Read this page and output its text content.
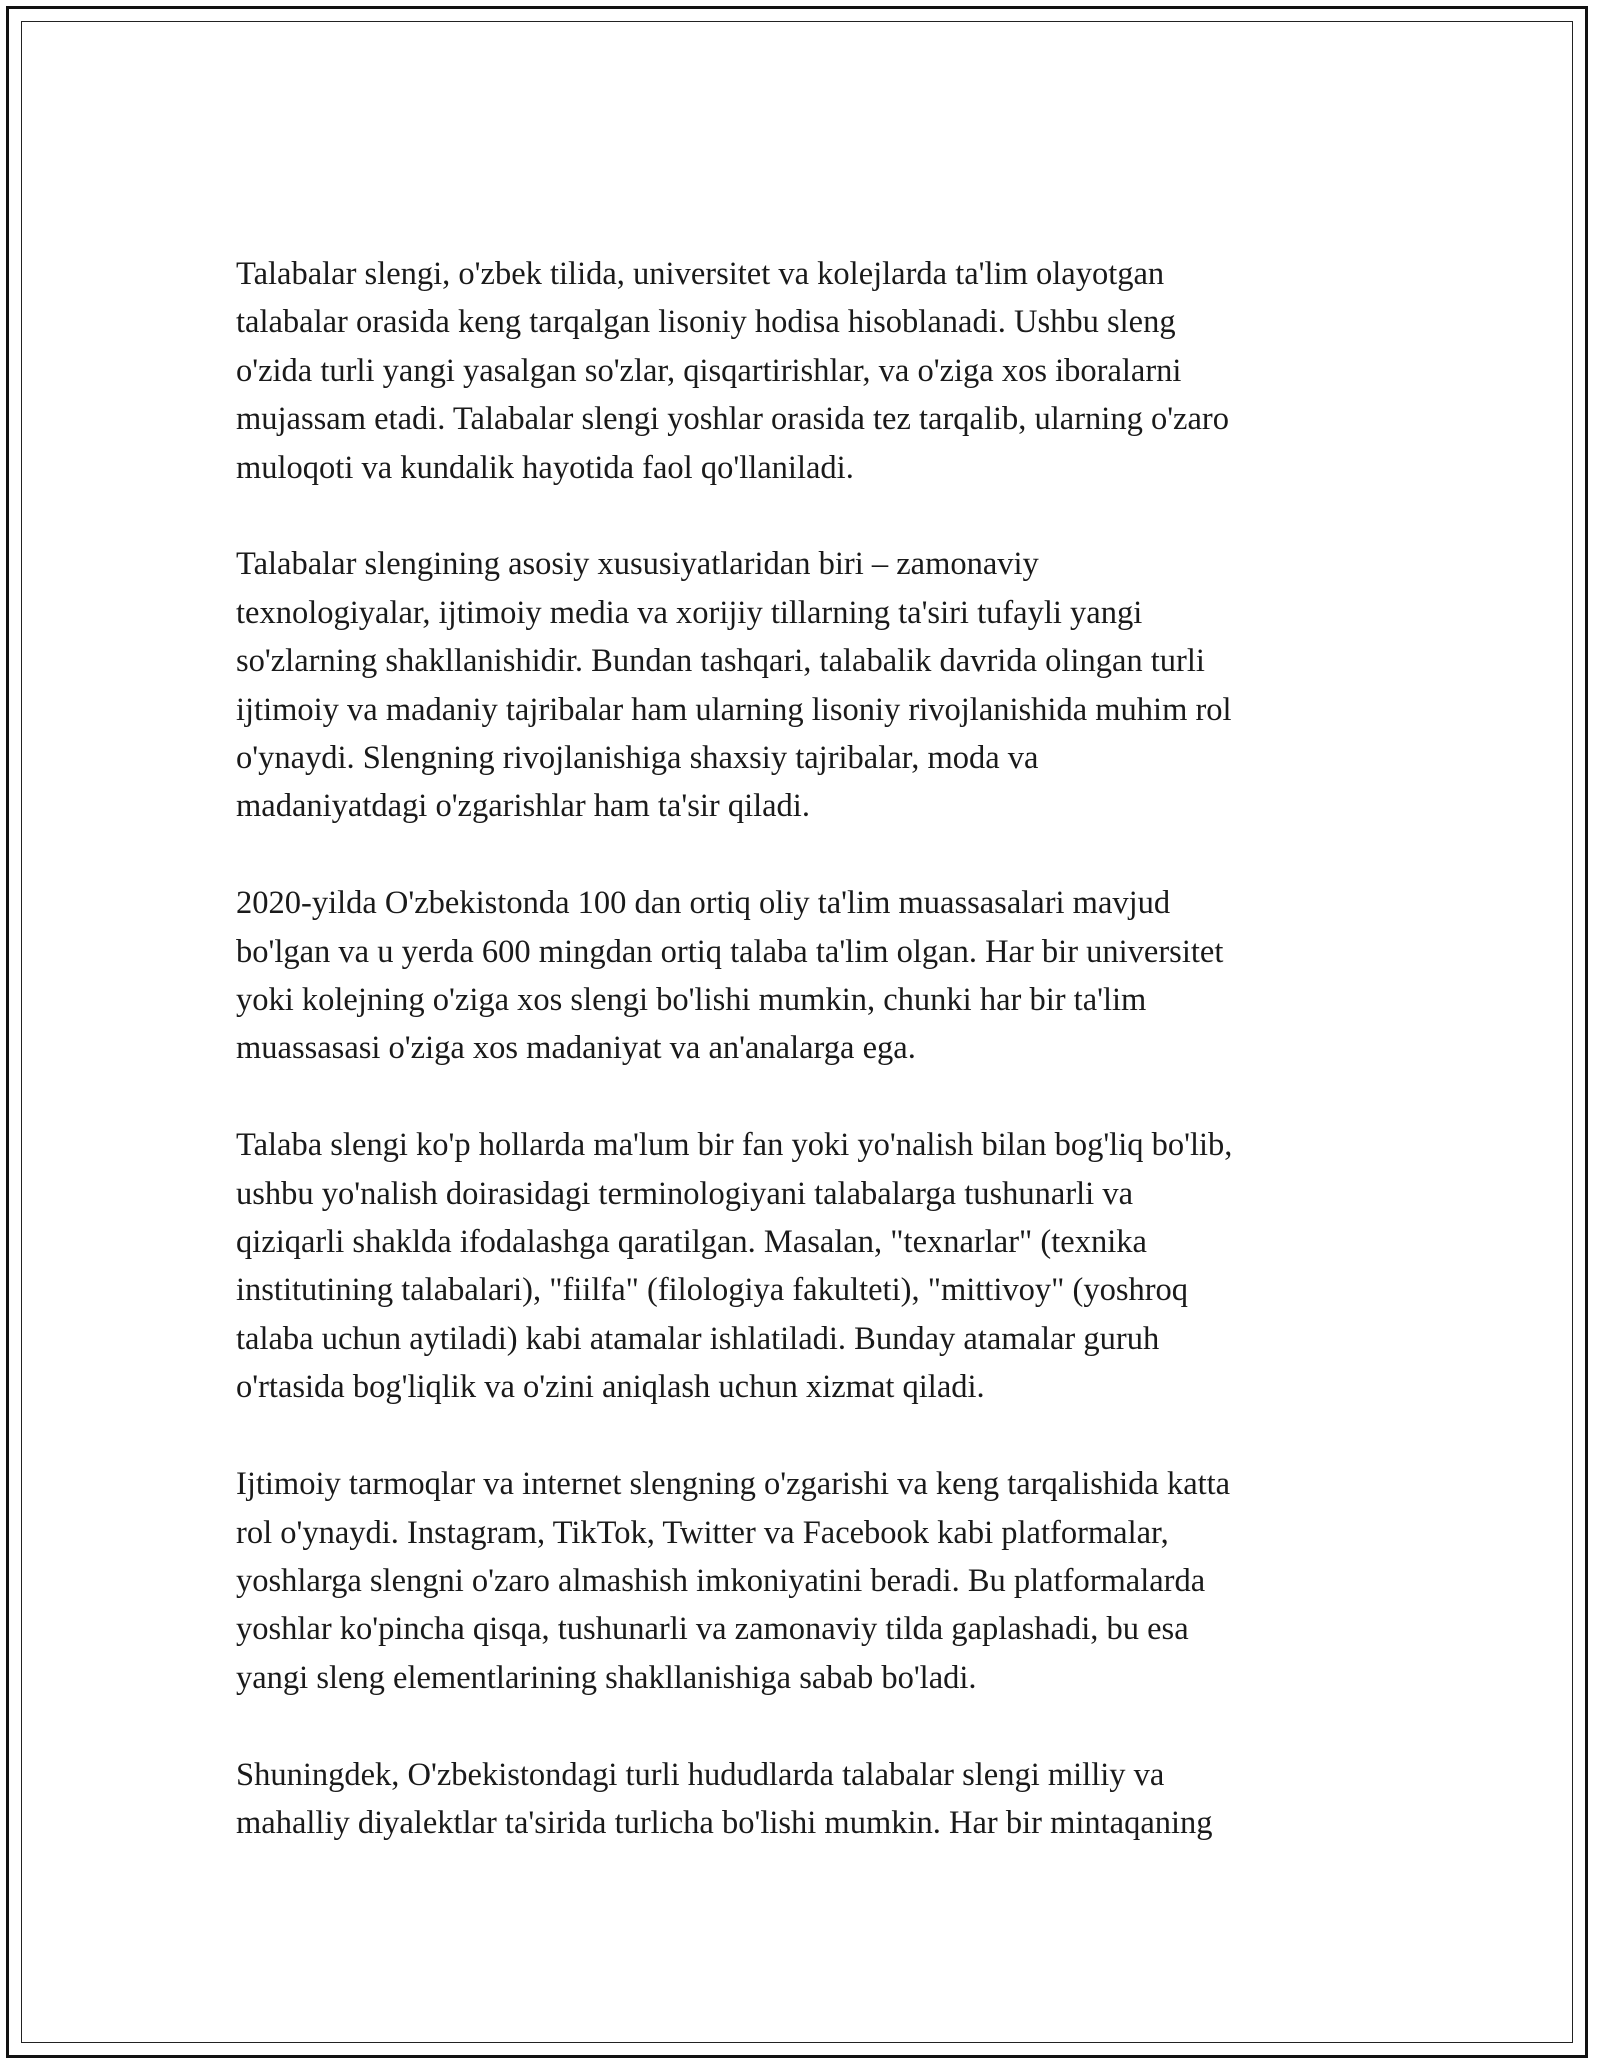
Talabalar slengi, o'zbek tilida, universitet va kolejlarda ta'lim olayotgan
talabalar orasida keng tarqalgan lisoniy hodisa hisoblanadi. Ushbu sleng
o'zida turli yangi yasalgan so'zlar, qisqartirishlar, va o'ziga xos iboralarni
mujassam etadi. Talabalar slengi yoshlar orasida tez tarqalib, ularning o'zaro
muloqoti va kundalik hayotida faol qo'llaniladi.

Talabalar slengining asosiy xususiyatlaridan biri – zamonaviy
texnologiyalar, ijtimoiy media va xorijiy tillarning ta'siri tufayli yangi
so'zlarning shakllanishidir. Bundan tashqari, talabalik davrida olingan turli
ijtimoiy va madaniy tajribalar ham ularning lisoniy rivojlanishida muhim rol
o'ynaydi. Slengning rivojlanishiga shaxsiy tajribalar, moda va
madaniyatdagi o'zgarishlar ham ta'sir qiladi.

2020-yilda O'zbekistonda 100 dan ortiq oliy ta'lim muassasalari mavjud
bo'lgan va u yerda 600 mingdan ortiq talaba ta'lim olgan. Har bir universitet
yoki kolejning o'ziga xos slengi bo'lishi mumkin, chunki har bir ta'lim
muassasasi o'ziga xos madaniyat va an'analarga ega.

Talaba slengi ko'p hollarda ma'lum bir fan yoki yo'nalish bilan bog'liq bo'lib,
ushbu yo'nalish doirasidagi terminologiyani talabalarga tushunarli va
qiziqarli shaklda ifodalashga qaratilgan. Masalan, "texnarlar" (texnika
institutining talabalari), "fiilfa" (filologiya fakulteti), "mittivoy" (yoshroq
talaba uchun aytiladi) kabi atamalar ishlatiladi. Bunday atamalar guruh
o'rtasida bog'liqlik va o'zini aniqlash uchun xizmat qiladi.

Ijtimoiy tarmoqlar va internet slengning o'zgarishi va keng tarqalishida katta
rol o'ynaydi. Instagram, TikTok, Twitter va Facebook kabi platformalar,
yoshlarga slengni o'zaro almashish imkoniyatini beradi. Bu platformalarda
yoshlar ko'pincha qisqa, tushunarli va zamonaviy tilda gaplashadi, bu esa
yangi sleng elementlarining shakllanishiga sabab bo'ladi.

Shuningdek, O'zbekistondagi turli hududlarda talabalar slengi milliy va
mahalliy diyalektlar ta'sirida turlicha bo'lishi mumkin. Har bir mintaqaning
